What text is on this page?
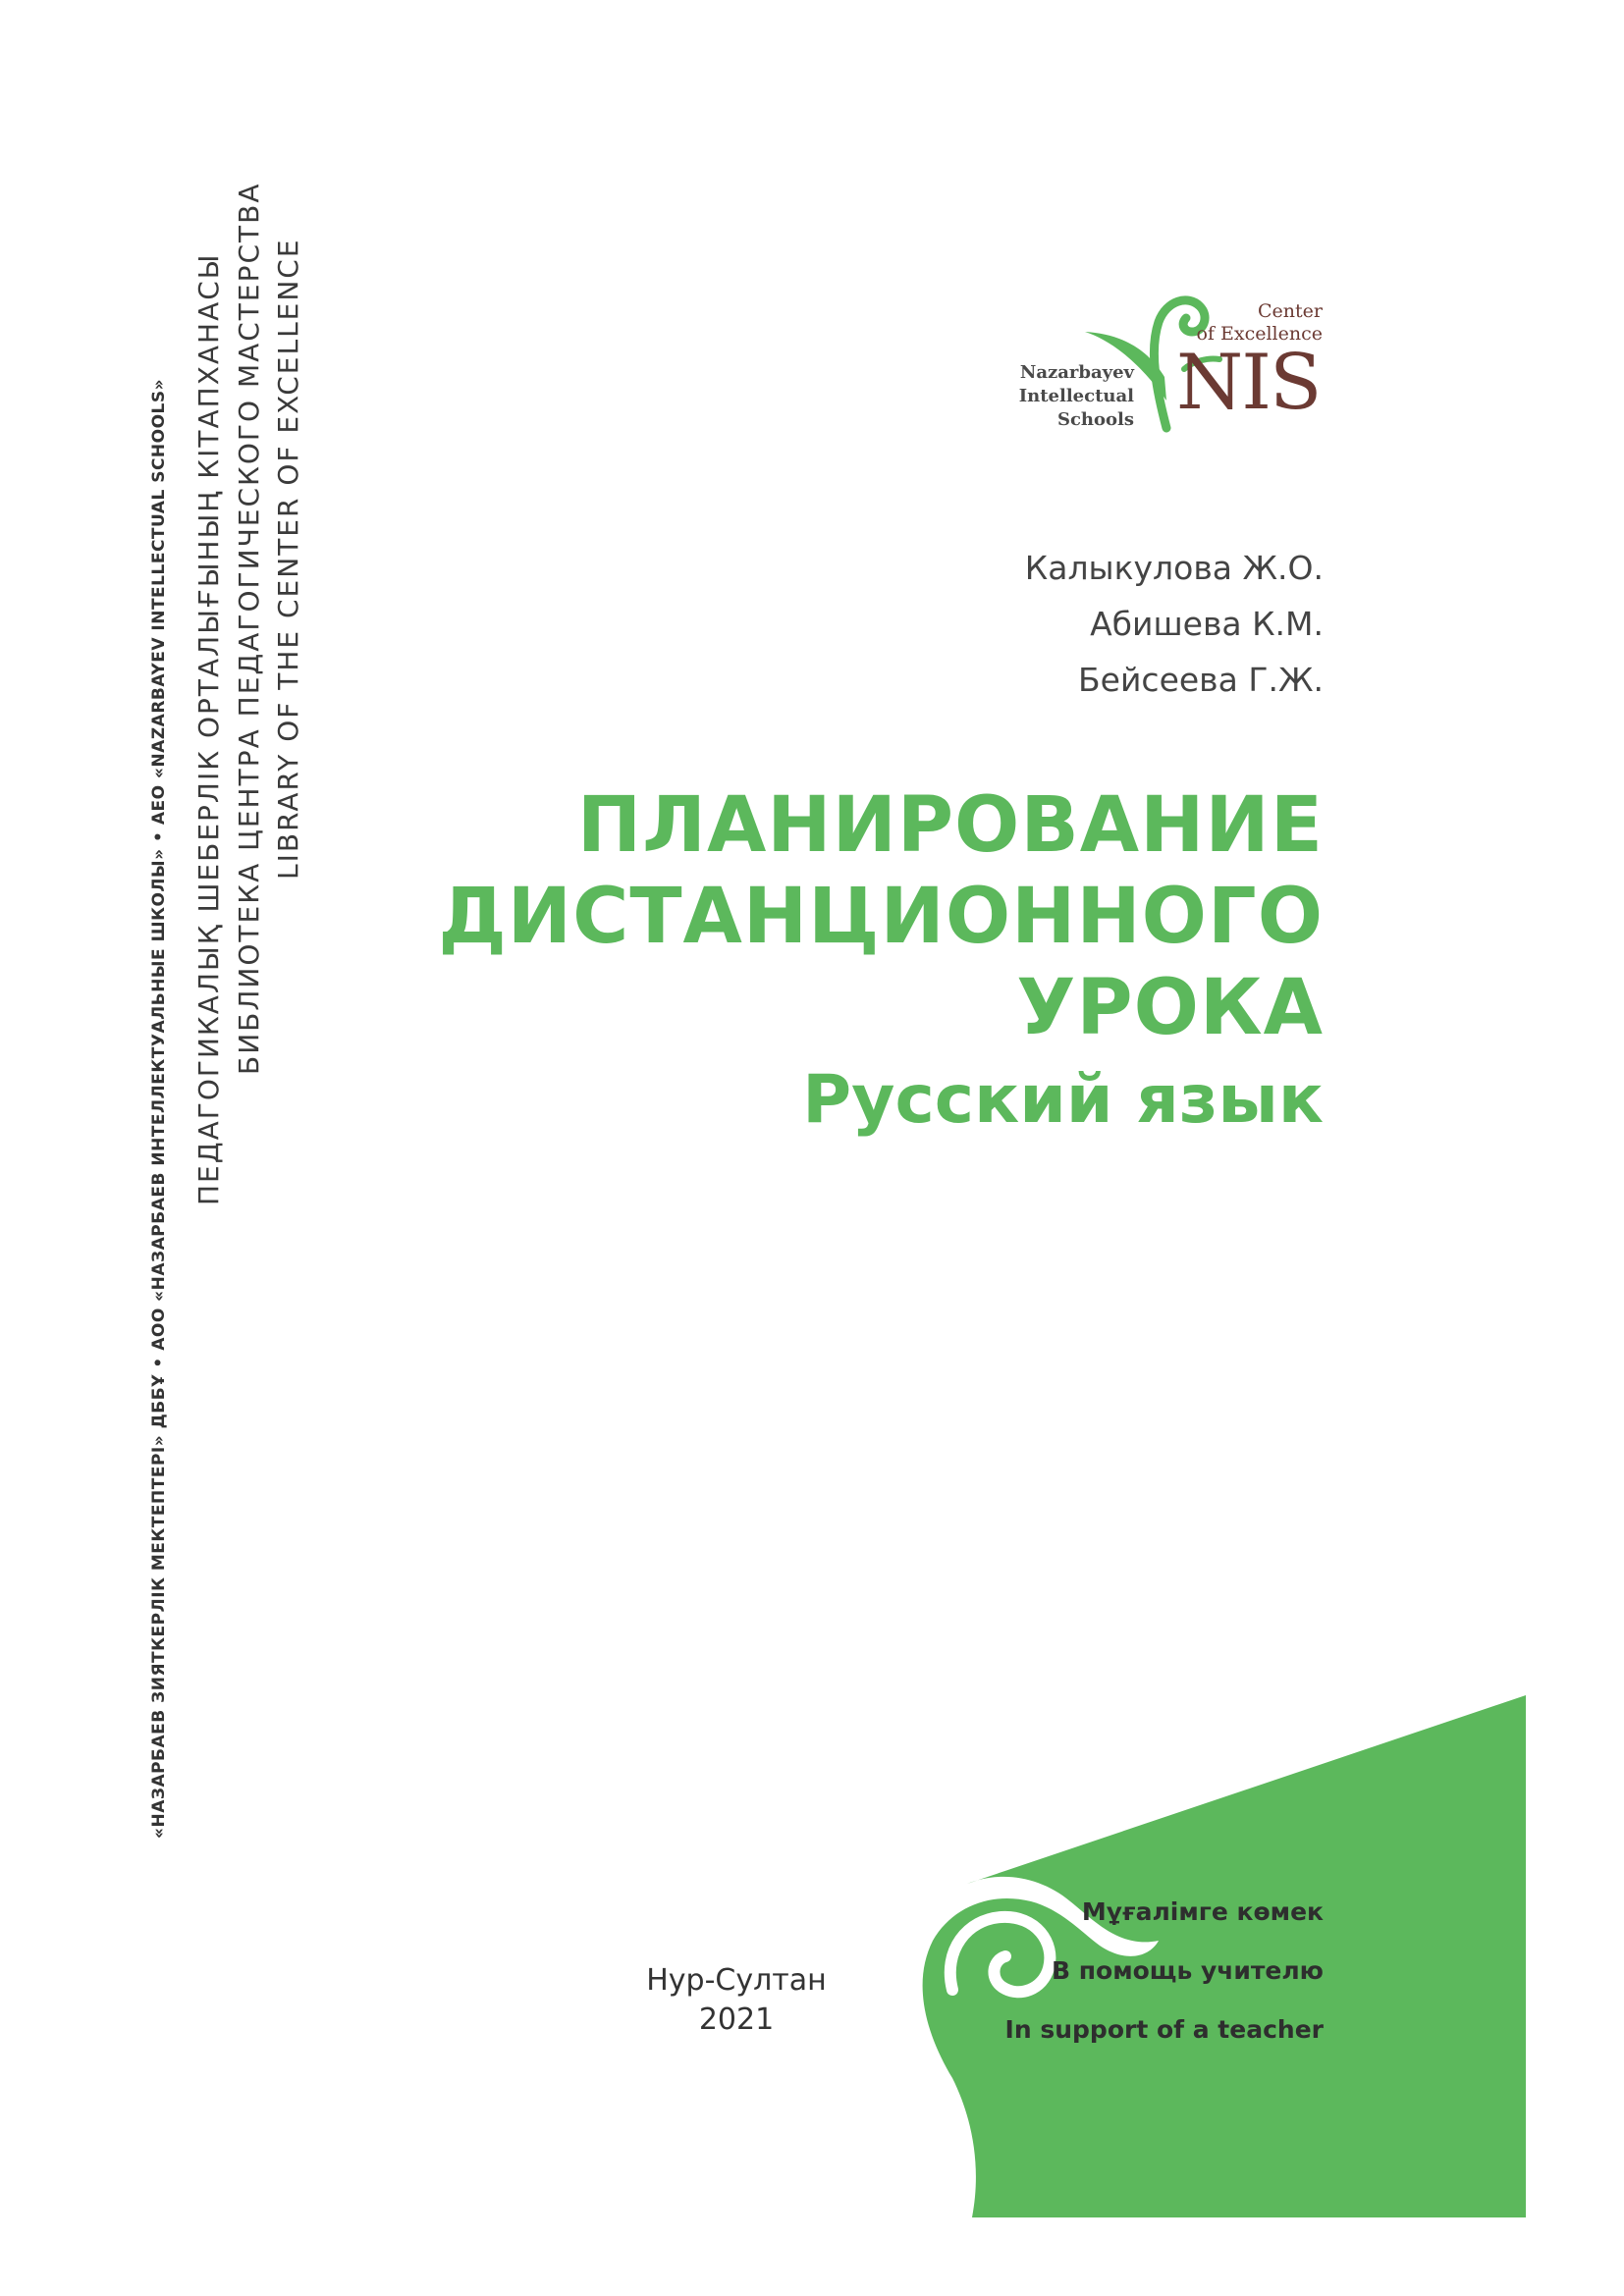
«НАЗАРБАЕВ ЗИЯТКЕРЛІК МЕКТЕПТЕРІ» ДББҰ • АОО «НАЗАРБАЕВ ИНТЕЛЛЕКТУАЛЬНЫЕ ШКОЛЫ» • AEO «NAZARBAYEV INTELLECTUAL SCHOOLS» ПЕДАГОГИКАЛЫҚ ШЕБЕРЛІК ОРТАЛЫҒЫНЫҢ КІТАПХАНАСЫ БИБЛИОТЕКА ЦЕНТРА ПЕДАГОГИЧЕСКОГО МАСТЕРСТВА LIBRARY OF THE CENTER OF EXCELLENCE	Nazarbayev
Intellectual
Schools
Center
of Excellence
NIS
Калыкулова Ж.О.
Абишева К.М.
Бейсеева Г.Ж.
ПЛАНИРОВАНИЕ
ДИСТАНЦИОННОГО
УРОКА
Русский язык
Мұғалімге көмек
В помощь учителю
In support of a teacher
Нур-Султан
2021
